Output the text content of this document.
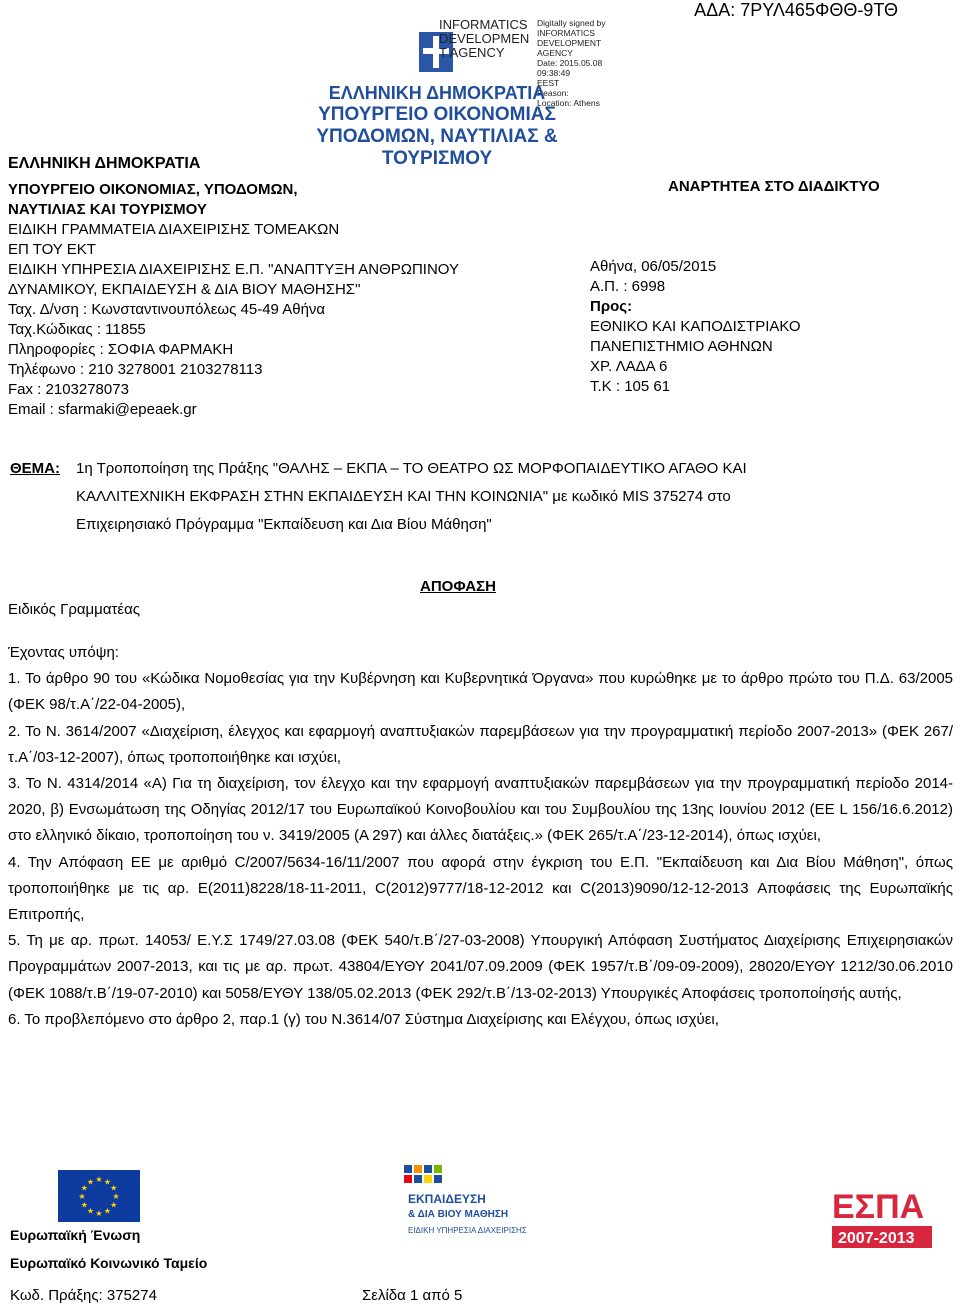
ΑΔΑ: 7ΡΥΛ465ΦΘΘ-9ΤΘ
INFORMATICS
DEVELOPMEN
T AGENCY
Digitally signed by
INFORMATICS
DEVELOPMENT AGENCY
Date: 2015.05.08 09:38:49
EEST
Reason:
Location: Athens
ΕΛΛΗΝΙΚΗ ΔΗΜΟΚΡΑΤΙΑ
ΥΠΟΥΡΓΕΙΟ ΟΙΚΟΝΟΜΙΑΣ
ΥΠΟΔΟΜΩΝ, ΝΑΥΤΙΛΙΑΣ & ΤΟΥΡΙΣΜΟΥ
ΕΛΛΗΝΙΚΗ ΔΗΜΟΚΡΑΤΙΑ
ΥΠΟΥΡΓΕΙΟ ΟΙΚΟΝΟΜΙΑΣ, ΥΠΟΔΟΜΩΝ,
ΝΑΥΤΙΛΙΑΣ ΚΑΙ ΤΟΥΡΙΣΜΟΥ
ΕΙΔΙΚΗ ΓΡΑΜΜΑΤΕΙΑ ΔΙΑΧΕΙΡΙΣΗΣ ΤΟΜΕΑΚΩΝ
ΕΠ ΤΟΥ ΕΚΤ
ΕΙΔΙΚΗ ΥΠΗΡΕΣΙΑ ΔΙΑΧΕΙΡΙΣΗΣ Ε.Π. "ΑΝΑΠΤΥΞΗ ΑΝΘΡΩΠΙΝΟΥ
ΔΥΝΑΜΙΚΟΥ, ΕΚΠΑΙΔΕΥΣΗ & ΔΙΑ ΒΙΟΥ ΜΑΘΗΣΗΣ"
Ταχ. Δ/νση : Κωνσταντινουπόλεως 45-49 Αθήνα
Ταχ.Κώδικας : 11855
Πληροφορίες : ΣΟΦΙΑ ΦΑΡΜΑΚΗ
Τηλέφωνο : 210 3278001 2103278113
Fax : 2103278073
Email : sfarmaki@epeaek.gr
ΑΝΑΡΤΗΤΕΑ ΣΤΟ ΔΙΑΔΙΚΤΥΟ
Αθήνα, 06/05/2015
Α.Π. : 6998
Προς:
ΕΘΝΙΚΟ ΚΑΙ ΚΑΠΟΔΙΣΤΡΙΑΚΟ
ΠΑΝΕΠΙΣΤΗΜΙΟ ΑΘΗΝΩΝ
ΧΡ. ΛΑΔΑ 6
Τ.Κ : 105 61
ΘΕΜΑ: 1η Τροποποίηση της Πράξης "ΘΑΛΗΣ – ΕΚΠΑ – ΤΟ ΘΕΑΤΡΟ ΩΣ ΜΟΡΦΟΠΑΙΔΕΥΤΙΚΟ ΑΓΑΘΟ ΚΑΙ
ΚΑΛΛΙΤΕΧΝΙΚΗ ΕΚΦΡΑΣΗ ΣΤΗΝ ΕΚΠΑΙΔΕΥΣΗ ΚΑΙ ΤΗΝ ΚΟΙΝΩΝΙΑ" με κωδικό MIS 375274 στο
Επιχειρησιακό Πρόγραμμα "Εκπαίδευση και Δια Βίου Μάθηση"
ΑΠΟΦΑΣΗ
Ειδικός Γραμματέας

Έχοντας υπόψη:

1. Το άρθρο 90 του «Κώδικα Νομοθεσίας για την Κυβέρνηση και Κυβερνητικά Όργανα» που κυρώθηκε με το άρθρο πρώτο του Π.Δ. 63/2005 (ΦΕΚ 98/τ.Α΄/22-04-2005),

2. Το Ν. 3614/2007 «Διαχείριση, έλεγχος και εφαρμογή αναπτυξιακών παρεμβάσεων για την προγραμματική περίοδο 2007-2013» (ΦΕΚ 267/τ.Α΄/03-12-2007), όπως τροποποιήθηκε και ισχύει,

3. Το Ν. 4314/2014 «Α) Για τη διαχείριση, τον έλεγχο και την εφαρμογή αναπτυξιακών παρεμβάσεων για την προγραμματική περίοδο 2014-2020, β) Ενσωμάτωση της Οδηγίας 2012/17 του Ευρωπαϊκού Κοινοβουλίου και του Συμβουλίου της 13ης Ιουνίου 2012 (ΕΕ L 156/16.6.2012) στο ελληνικό δίκαιο, τροποποίηση του ν. 3419/2005 (Α 297) και άλλες διατάξεις.» (ΦΕΚ 265/τ.Α΄/23-12-2014), όπως ισχύει,

4. Την Απόφαση ΕΕ με αριθμό C/2007/5634-16/11/2007 που αφορά στην έγκριση του Ε.Π. "Εκπαίδευση και Δια Βίου Μάθηση", όπως τροποποιήθηκε με τις αρ. Ε(2011)8228/18-11-2011, C(2012)9777/18-12-2012 και C(2013)9090/12-12-2013 Αποφάσεις της Ευρωπαϊκής Επιτροπής,

5. Τη με αρ. πρωτ. 14053/ Ε.Υ.Σ 1749/27.03.08 (ΦΕΚ 540/τ.Β΄/27-03-2008) Υπουργική Απόφαση Συστήματος Διαχείρισης Επιχειρησιακών Προγραμμάτων 2007-2013, και τις με αρ. πρωτ. 43804/ΕΥΘΥ 2041/07.09.2009 (ΦΕΚ 1957/τ.Β΄/09-09-2009), 28020/ΕΥΘΥ 1212/30.06.2010 (ΦΕΚ 1088/τ.Β΄/19-07-2010) και 5058/ΕΥΘΥ 138/05.02.2013 (ΦΕΚ 292/τ.Β΄/13-02-2013) Υπουργικές Αποφάσεις τροποποίησής αυτής,

6. Το προβλεπόμενο στο άρθρο 2, παρ.1 (γ) του Ν.3614/07 Σύστημα Διαχείρισης και Ελέγχου, όπως ισχύει,

★ ★
★
★
★
★
★
★
★
★
★
★
ΕΚΠΑΙΔΕΥΣΗ
& ΔΙΑ ΒΙΟΥ ΜΑΘΗΣΗ
ΕΙΔΙΚΗ ΥΠΗΡΕΣΙΑ ΔΙΑΧΕΙΡΙΣΗΣ
ΕΣΠΑ
2007-2013
Ευρωπαϊκή Ένωση
Ευρωπαϊκό Κοινωνικό Ταμείο
Κωδ. Πράξης: 375274	Σελίδα 1 από 5
